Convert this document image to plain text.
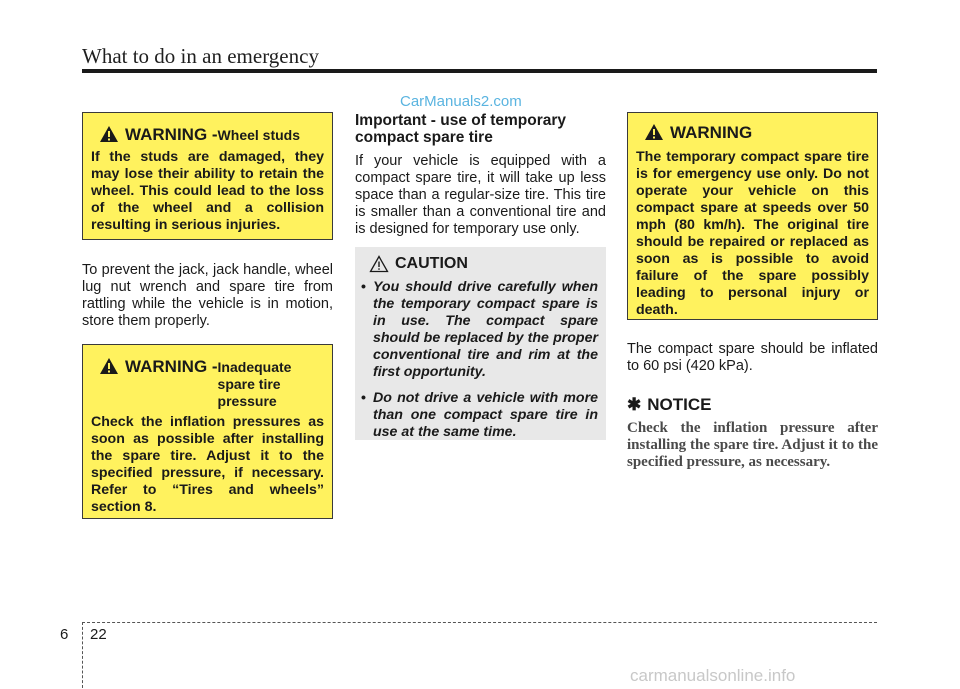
What to do in an emergency
CarManuals2.com
WARNING - Wheel studs
If the studs are damaged, they may lose their ability to retain the wheel. This could lead to the loss of the wheel and a collision resulting in serious injuries.
To prevent the jack, jack handle, wheel lug nut wrench and spare tire from rattling while the vehicle is in motion, store them properly.
WARNING - Inadequate
spare tire
pressure
Check the inflation pressures as soon as possible after installing the spare tire. Adjust it to the specified pressure, if necessary. Refer to “Tires and wheels” section 8.
Important - use of temporary
compact spare tire
If your vehicle is equipped with a compact spare tire, it will take up less space than a regular-size tire. This tire is smaller than a conventional tire and is designed for temporary use only.
CAUTION
• You should drive carefully when the temporary compact spare is in use. The compact spare should be replaced by the proper conventional tire and rim at the first opportunity.
• Do not drive a vehicle with more than one compact spare tire in use at the same time.
WARNING
The temporary compact spare tire is for emergency use only. Do not operate your vehicle on this compact spare at speeds over 50 mph (80 km/h). The original tire should be repaired or replaced as soon as is possible to avoid failure of the spare possibly leading to personal injury or death.
The compact spare should be inflated to 60 psi (420 kPa).
✱ NOTICE
Check the inflation pressure after installing the spare tire. Adjust it to the specified pressure, as necessary.
6 22
carmanualsonline.info
